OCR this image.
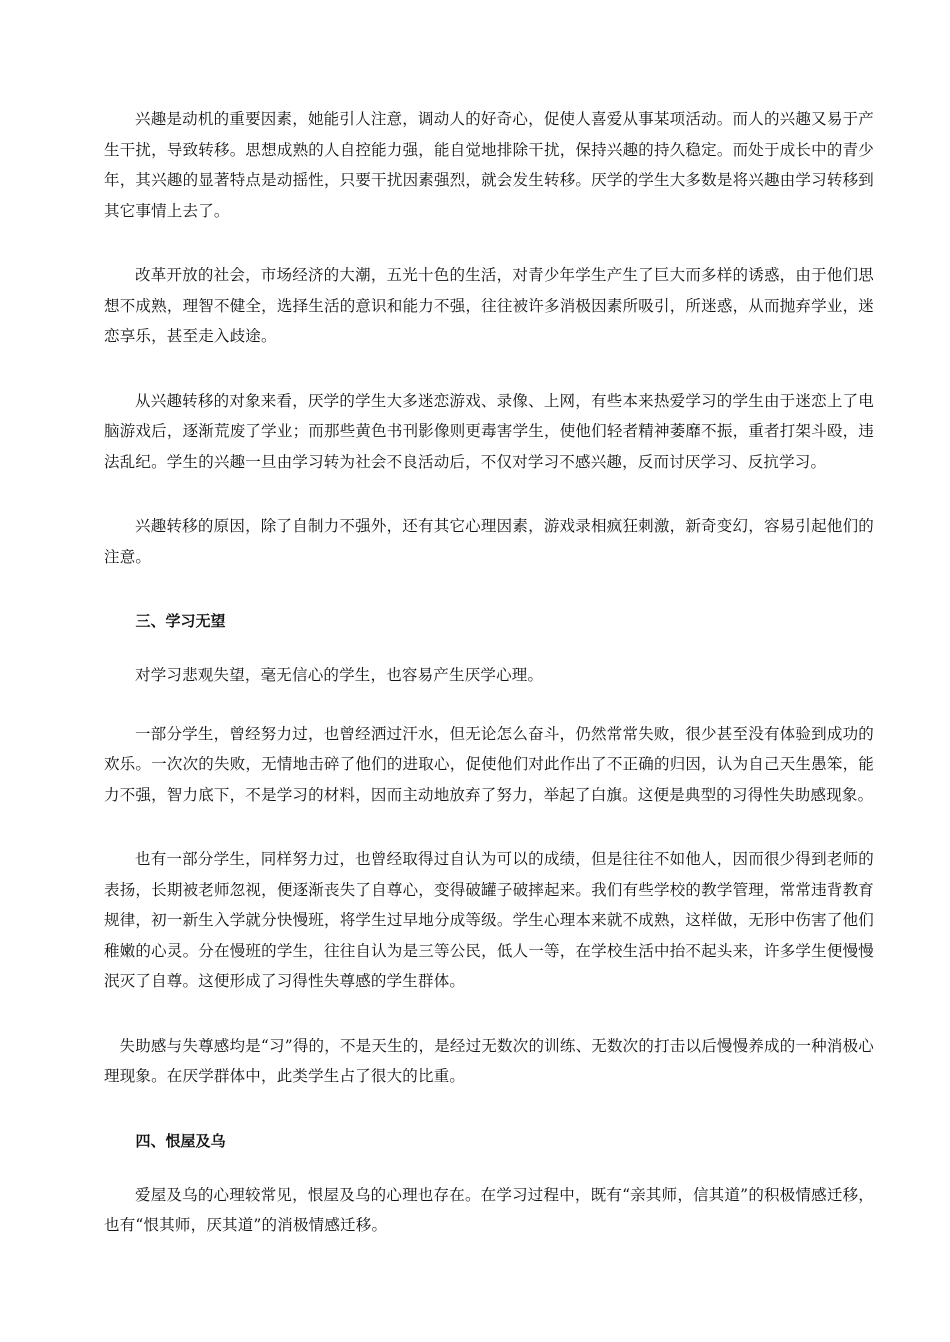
兴趣是动机的重要因素，她能引人注意，调动人的好奇心，促使人喜爱从事某项活动。而人的兴趣又易于产生干扰，导致转移。思想成熟的人自控能力强，能自觉地排除干扰，保持兴趣的持久稳定。而处于成长中的青少年，其兴趣的显著特点是动摇性，只要干扰因素强烈，就会发生转移。厌学的学生大多数是将兴趣由学习转移到其它事情上去了。

改革开放的社会，市场经济的大潮，五光十色的生活，对青少年学生产生了巨大而多样的诱惑，由于他们思想不成熟，理智不健全，选择生活的意识和能力不强，往往被许多消极因素所吸引，所迷惑，从而抛弃学业，迷恋享乐，甚至走入歧途。

从兴趣转移的对象来看，厌学的学生大多迷恋游戏、录像、上网，有些本来热爱学习的学生由于迷恋上了电脑游戏后，逐渐荒废了学业；而那些黄色书刊影像则更毒害学生，使他们轻者精神萎靡不振，重者打架斗殴，违法乱纪。学生的兴趣一旦由学习转为社会不良活动后，不仅对学习不感兴趣，反而讨厌学习、反抗学习。

兴趣转移的原因，除了自制力不强外，还有其它心理因素，游戏录相疯狂刺激，新奇变幻，容易引起他们的注意。

三、学习无望

对学习悲观失望，毫无信心的学生，也容易产生厌学心理。

一部分学生，曾经努力过，也曾经洒过汗水，但无论怎么奋斗，仍然常常失败，很少甚至没有体验到成功的欢乐。一次次的失败，无情地击碎了他们的进取心，促使他们对此作出了不正确的归因，认为自己天生愚笨，能力不强，智力底下，不是学习的材料，因而主动地放弃了努力，举起了白旗。这便是典型的习得性失助感现象。

也有一部分学生，同样努力过，也曾经取得过自认为可以的成绩，但是往往不如他人，因而很少得到老师的表扬，长期被老师忽视，便逐渐丧失了自尊心，变得破罐子破摔起来。我们有些学校的教学管理，常常违背教育规律，初一新生入学就分快慢班，将学生过早地分成等级。学生心理本来就不成熟，这样做，无形中伤害了他们稚嫩的心灵。分在慢班的学生，往往自认为是三等公民，低人一等，在学校生活中抬不起头来，许多学生便慢慢泯灭了自尊。这便形成了习得性失尊感的学生群体。

失助感与失尊感均是“习”得的，不是天生的，是经过无数次的训练、无数次的打击以后慢慢养成的一种消极心理现象。在厌学群体中，此类学生占了很大的比重。

四、恨屋及乌

爱屋及乌的心理较常见，恨屋及乌的心理也存在。在学习过程中，既有“亲其师，信其道”的积极情感迁移，也有“恨其师，厌其道”的消极情感迁移。
